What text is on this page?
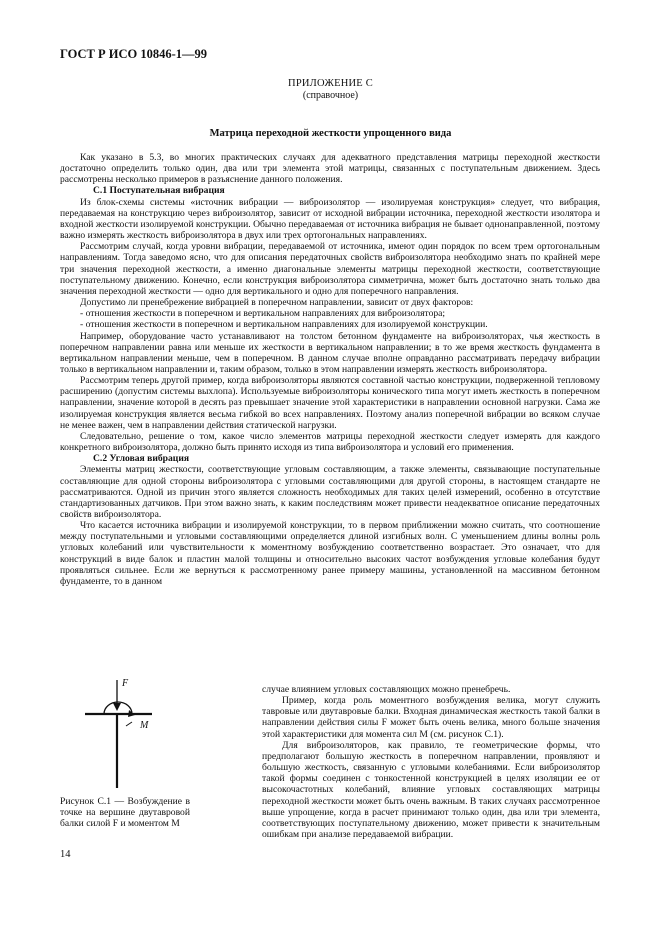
ГОСТ Р ИСО 10846-1—99
ПРИЛОЖЕНИЕ С
(справочное)
Матрица переходной жесткости упрощенного вида

Как указано в 5.3, во многих практических случаях для адекватного представления матрицы переходной жесткости достаточно определить только один, два или три элемента этой матрицы, связанных с поступательным движением. Здесь рассмотрены несколько примеров в разъяснение данного положения.

С.1 Поступательная вибрация

Из блок-схемы системы «источник вибрации — виброизолятор — изолируемая конструкция» следует, что вибрация, передаваемая на конструкцию через виброизолятор, зависит от исходной вибрации источника, переходной жесткости изолятора и входной жесткости изолируемой конструкции. Обычно передаваемая от источника вибрация не бывает однонаправленной, поэтому важно измерять жесткость виброизолятора в двух или трех ортогональных направлениях.

Рассмотрим случай, когда уровни вибрации, передаваемой от источника, имеют один порядок по всем трем ортогональным направлениям. Тогда заведомо ясно, что для описания передаточных свойств виброизолятора необходимо знать по крайней мере три значения переходной жесткости, а именно диагональные элементы матрицы переходной жесткости, соответствующие поступательному движению. Конечно, если конструкция виброизолятора симметрична, может быть достаточно знать только два значения переходной жесткости — одно для вертикального и одно для поперечного направления.

Допустимо ли пренебрежение вибрацией в поперечном направлении, зависит от двух факторов:

- отношения жесткости в поперечном и вертикальном направлениях для виброизолятора;

- отношения жесткости в поперечном и вертикальном направлениях для изолируемой конструкции.

Например, оборудование часто устанавливают на толстом бетонном фундаменте на виброизоляторах, чья жесткость в поперечном направлении равна или меньше их жесткости в вертикальном направлении; в то же время жесткость фундамента в вертикальном направлении меньше, чем в поперечном. В данном случае вполне оправданно рассматривать передачу вибрации только в вертикальном направлении и, таким образом, только в этом направлении измерять жесткость виброизолятора.

Рассмотрим теперь другой пример, когда виброизоляторы являются составной частью конструкции, подверженной тепловому расширению (допустим системы выхлопа). Используемые виброизоляторы конического типа могут иметь жесткость в поперечном направлении, значение которой в десять раз превышает значение этой характеристики в направлении основной нагрузки. Сама же изолируемая конструкция является весьма гибкой во всех направлениях. Поэтому анализ поперечной вибрации во всяком случае не менее важен, чем в направлении действия статической нагрузки.

Следовательно, решение о том, какое число элементов матрицы переходной жесткости следует измерять для каждого конкретного виброизолятора, должно быть принято исходя из типа виброизолятора и условий его применения.

С.2 Угловая вибрация

Элементы матриц жесткости, соответствующие угловым составляющим, а также элементы, связывающие поступательные составляющие для одной стороны виброизолятора с угловыми составляющими для другой стороны, в настоящем стандарте не рассматриваются. Одной из причин этого является сложность необходимых для таких целей измерений, особенно в отсутствие стандартизованных датчиков. При этом важно знать, к каким последствиям может привести неадекватное описание передаточных свойств виброизолятора.

Что касается источника вибрации и изолируемой конструкции, то в первом приближении можно считать, что соотношение между поступательными и угловыми составляющими определяется длиной изгибных волн. С уменьшением длины волны роль угловых колебаний или чувствительности к моментному возбуждению соответственно возрастает. Это означает, что для конструкций в виде балок и пластин малой толщины и относительно высоких частот возбуждения угловые колебания будут проявляться сильнее. Если же вернуться к рассмотренному ранее примеру машины, установленной на массивном бетонном фундаменте, то в данном

случае влиянием угловых составляющих можно пренебречь.

Пример, когда роль моментного возбуждения велика, могут служить тавровые или двутавровые балки. Входная динамическая жесткость такой балки в направлении действия силы F может быть очень велика, много больше значения этой характеристики для момента сил M (см. рисунок С.1).

Для виброизоляторов, как правило, те геометрические формы, что предполагают большую жесткость в поперечном направлении, проявляют и большую жесткость, связанную с угловыми колебаниями. Если виброизолятор такой формы соединен с тонкостенной конструкцией в целях изоляции ее от высокочастотных колебаний, влияние угловых составляющих матрицы переходной жесткости может быть очень важным. В таких случаях рассмотренное выше упрощение, когда в расчет принимают только один, два или три элемента, соответствующих поступательному движению, может привести к значительным ошибкам при анализе передаваемой вибрации.

F
M
Рисунок С.1 — Возбуждение в точке на вершине двутавровой балки силой F и моментом M
14
